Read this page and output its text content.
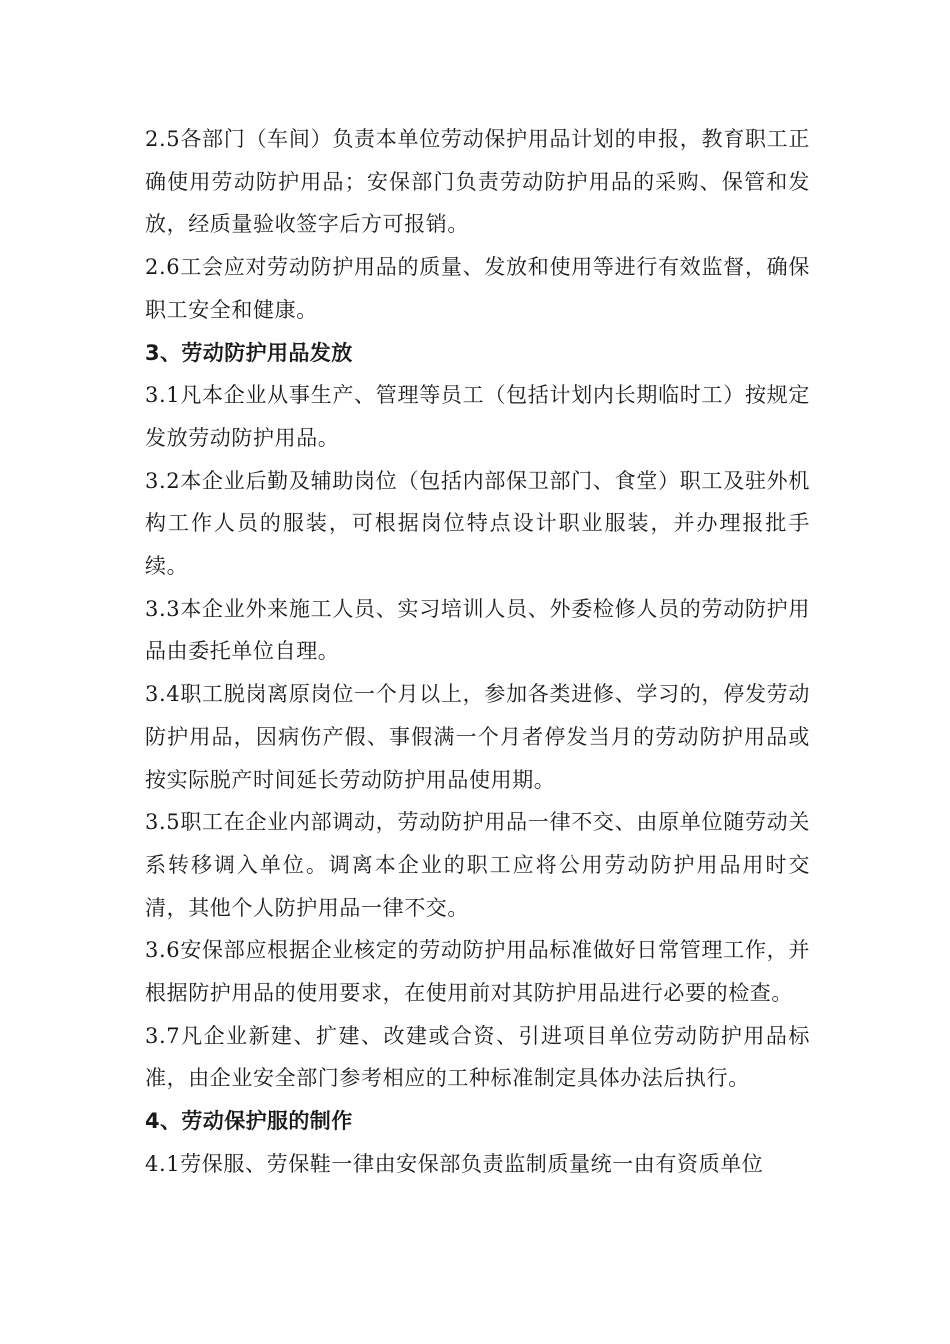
2.5各部门（车间）负责本单位劳动保护用品计划的申报，教育职工正确使用劳动防护用品；安保部门负责劳动防护用品的采购、保管和发放，经质量验收签字后方可报销。

2.6工会应对劳动防护用品的质量、发放和使用等进行有效监督，确保职工安全和健康。

3、劳动防护用品发放

3.1凡本企业从事生产、管理等员工（包括计划内长期临时工）按规定发放劳动防护用品。

3.2本企业后勤及辅助岗位（包括内部保卫部门、食堂）职工及驻外机构工作人员的服装，可根据岗位特点设计职业服装，并办理报批手续。

3.3本企业外来施工人员、实习培训人员、外委检修人员的劳动防护用品由委托单位自理。

3.4职工脱岗离原岗位一个月以上，参加各类进修、学习的，停发劳动防护用品，因病伤产假、事假满一个月者停发当月的劳动防护用品或按实际脱产时间延长劳动防护用品使用期。

3.5职工在企业内部调动，劳动防护用品一律不交、由原单位随劳动关系转移调入单位。调离本企业的职工应将公用劳动防护用品用时交清，其他个人防护用品一律不交。

3.6安保部应根据企业核定的劳动防护用品标准做好日常管理工作，并根据防护用品的使用要求，在使用前对其防护用品进行必要的检查。

3.7凡企业新建、扩建、改建或合资、引进项目单位劳动防护用品标准，由企业安全部门参考相应的工种标准制定具体办法后执行。

4、劳动保护服的制作

4.1劳保服、劳保鞋一律由安保部负责监制质量统一由有资质单位
